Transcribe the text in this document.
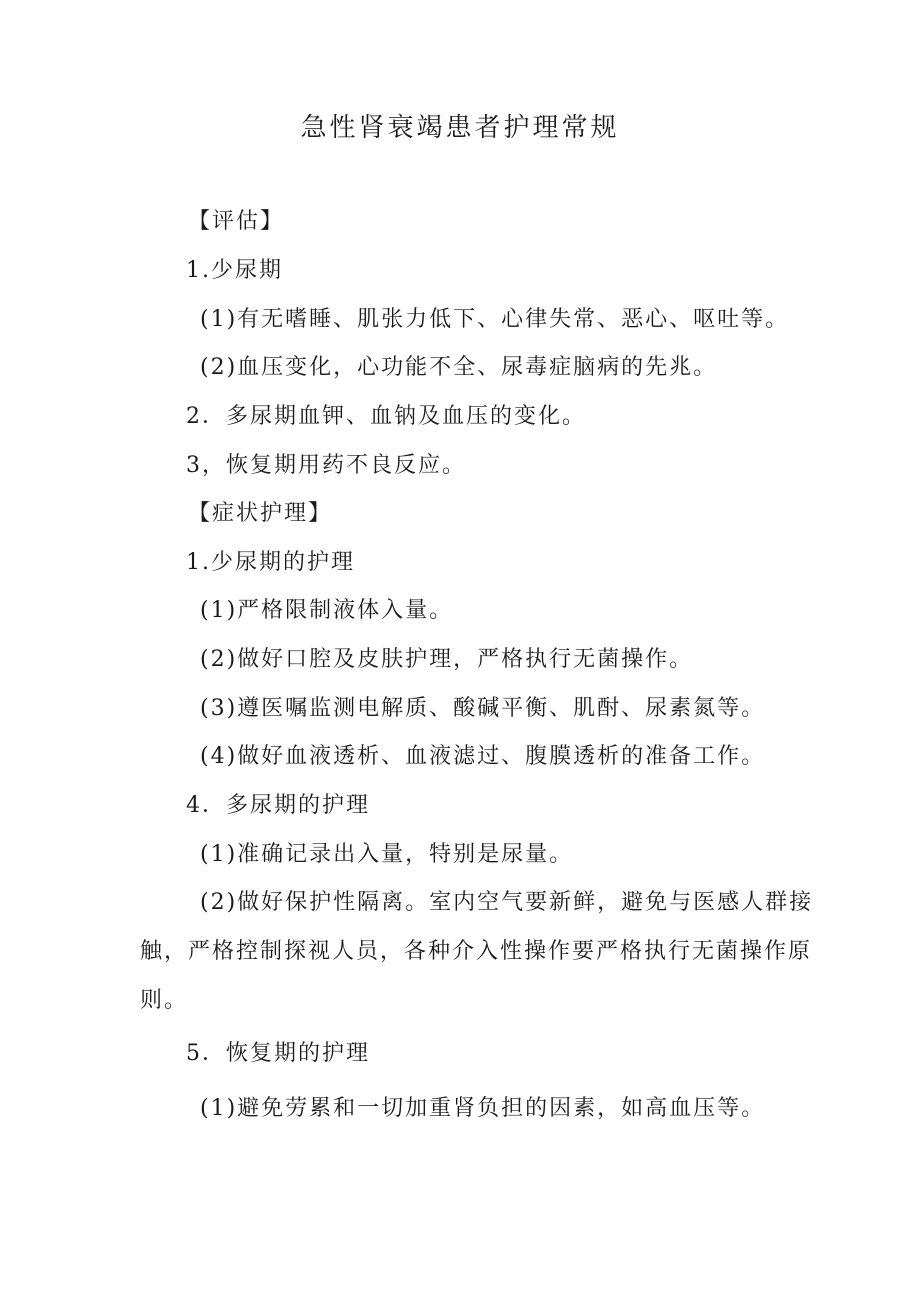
急性肾衰竭患者护理常规
【评估】
1.少尿期
(1)有无嗜睡、肌张力低下、心律失常、恶心、呕吐等。
(2)血压变化，心功能不全、尿毒症脑病的先兆。
2．多尿期血钾、血钠及血压的变化。
3，恢复期用药不良反应。
【症状护理】
1.少尿期的护理
(1)严格限制液体入量。
(2)做好口腔及皮肤护理，严格执行无菌操作。
(3)遵医嘱监测电解质、酸碱平衡、肌酎、尿素氮等。
(4)做好血液透析、血液滤过、腹膜透析的准备工作。
4．多尿期的护理
(1)准确记录出入量，特别是尿量。
(2)做好保护性隔离。室内空气要新鲜，避免与医感人群接
触，严格控制探视人员，各种介入性操作要严格执行无菌操作原
则。
5．恢复期的护理
(1)避免劳累和一切加重肾负担的因素，如高血压等。
